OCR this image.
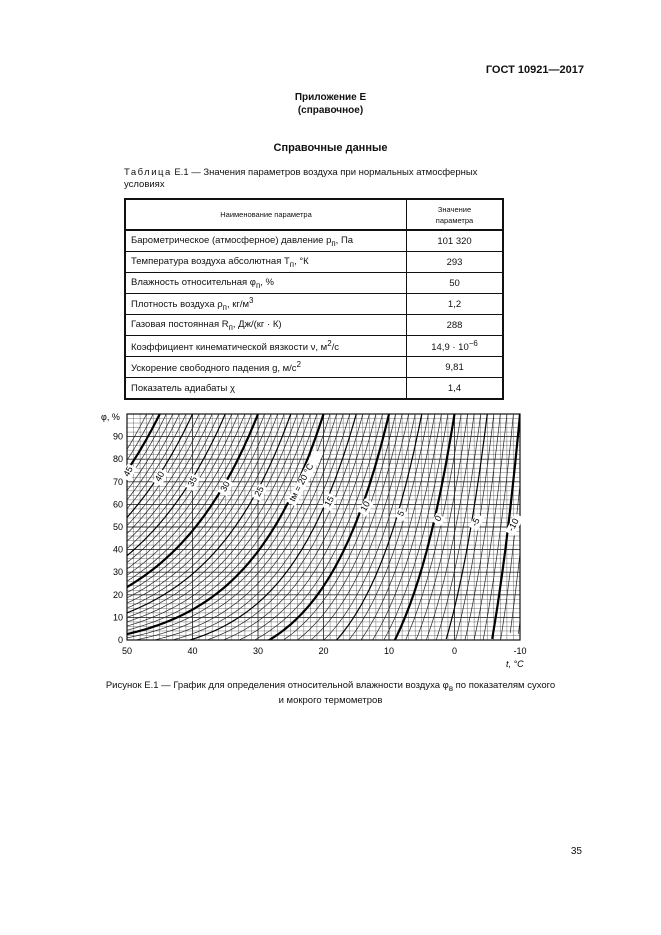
ГОСТ 10921—2017
Приложение Е
(справочное)
Справочные данные
Таблица Е.1 — Значения параметров воздуха при нормальных атмосферных условиях
Наименование параметра	Значение
параметра
Барометрическое (атмосферное) давление $p_п$, Па	101 320
Температура воздуха абсолютная $T_п$, °К	293
Влажность относительная $\varphi_п$, %	50
Плотность воздуха $\rho_п$, $кг/м^3$	1,2
Газовая постоянная $R_п$, Дж/(кг · К)	288
Коэффициент кинематической вязкости ν, $м^2/с$	$14,9 \cdot 10^{-6}$
Ускорение свободного падения g, $м/с^2$	9,81
Показатель адиабаты χ	1,4
45 40 35 30 25 tм = 20 °С 15 10
5
0	-5	-10
0
10
20
30
40
50
60
70
80
90
50	40	30	20	10	0	-10
φ, %
t, °С
Рисунок Е.1 — График для определения относительной влажности воздуха $\varphi_в$ по показателям сухого
и мокрого термометров
35
